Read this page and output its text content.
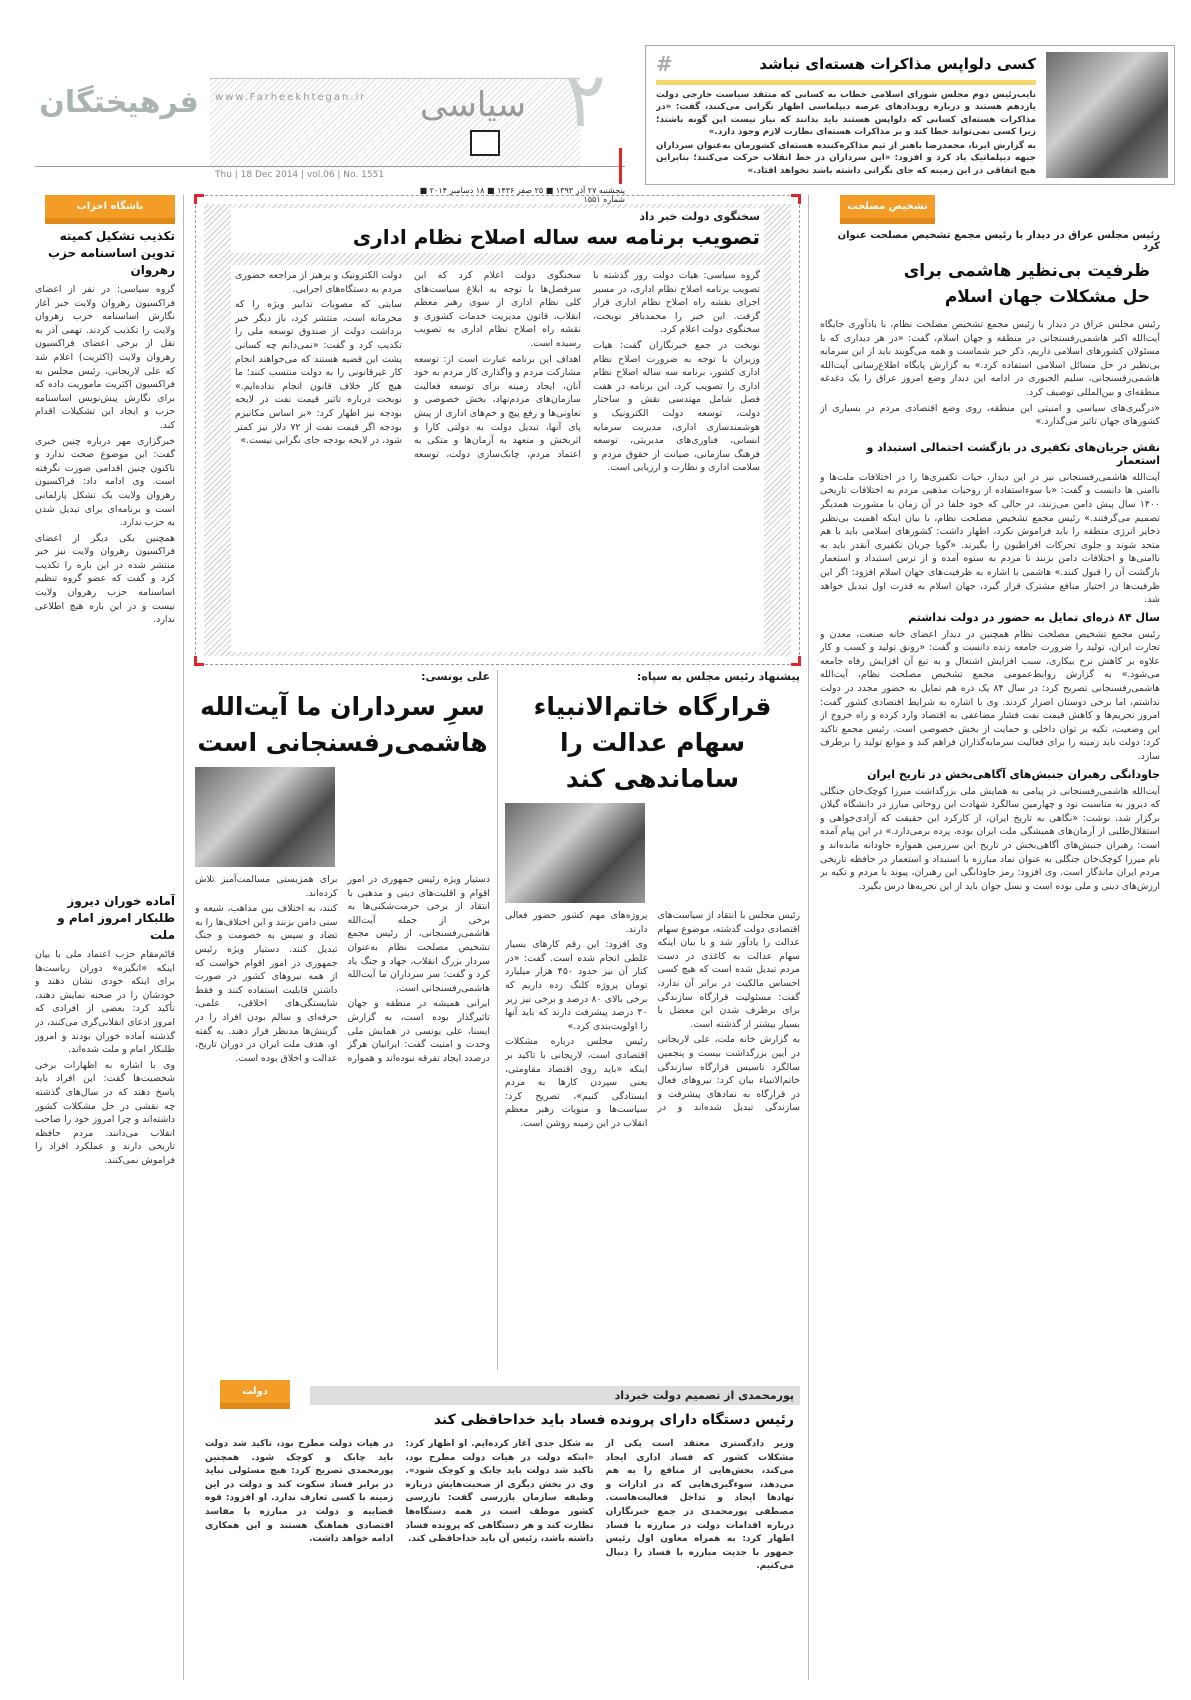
فرهیختگان	www.Farheekhtegan.ir سیاسی ۲
Thu | 18 Dec 2014 | vol.06 | No. 1551
پنجشنبه ۲۷ آذر ۱۳۹۳ ■ ۲۵ صفر ۱۴۳۶ ■ ۱۸ دسامبر ۲۰۱۴ ■ شماره ۱۵۵۱
#	کسی دلواپس مذاکرات هسته‌ای نباشد

نایب‌رئیس دوم مجلس شورای اسلامی خطاب به کسانی که منتقد سیاست خارجی دولت یازدهم هستند و درباره رویدادهای عرصه دیپلماسی اظهار نگرانی می‌کنند، گفت: «در مذاکرات هسته‌ای کسانی که دلواپس هستند باید بدانند که نیاز نیست این گونه باشند؛ زیرا کسی نمی‌تواند خطا کند و بر مذاکرات هسته‌ای نظارت لازم وجود دارد.»

به گزارش ایرنا، محمدرضا باهنر از تیم مذاکره‌کننده هسته‌ای کشورمان به‌عنوان سرداران جبهه دیپلماتیک یاد کرد و افزود: «این سرداران در خط انقلاب حرکت می‌کنند؛ بنابراین هیچ اتفاقی در این زمینه که جای نگرانی داشته باشد نخواهد افتاد.»

باشگاه احزاب
تکذیب تشکیل کمیته تدوین اساسنامه حزب رهروان

گروه سیاسی: در نفر از اعضای فراکسیون رهروان ولایت خبر آغاز نگارش اساسنامه حزب رهروان ولایت را تکذیب کردند. تهمی آذر به نقل از برخی اعضای فراکسیون رهروان ولایت (اکثریت) اعلام شد که علی لاریجانی، رئیس مجلس به فراکسیون اکثریت ماموریت داده که برای نگارش پیش‌نویس اساسنامه حزب و ایجاد این تشکیلات اقدام کند.

خبرگزاری مهر درباره چنین خبری گفت: این موضوع صحت ندارد و تاکنون چنین اقدامی صورت نگرفته است. وی ادامه داد: فراکسیون رهروان ولایت یک تشکل پارلمانی است و برنامه‌ای برای تبدیل شدن به حزب ندارد.

همچنین یکی دیگر از اعضای فراکسیون رهروان ولایت نیز خبر منتشر شده در این باره را تکذیب کرد و گفت که عضو گروه تنظیم اساسنامه حزب رهروان ولایت نیست و در این باره هیچ اطلاعی ندارد.

آماده خوران دیروز طلبکار امروز امام و ملت

قائم‌مقام حزب اعتماد ملی با بیان اینکه «انگیزه» دوران ریاست‌ها برای اینکه خودی نشان دهند و خودشان را در صحنه نمایش دهند، تأکید کرد: بعضی از افرادی که امروز ادعای انقلابی‌گری می‌کنند، در گذشته آماده خوران بودند و امروز طلبکار امام و ملت شده‌اند.

وی با اشاره به اظهارات برخی شخصیت‌ها گفت: این افراد باید پاسخ دهند که در سال‌های گذشته چه نقشی در حل مشکلات کشور داشته‌اند و چرا امروز خود را صاحب انقلاب می‌دانند. مردم حافظه تاریخی دارند و عملکرد افراد را فراموش نمی‌کنند.

سخنگوی دولت خبر داد
تصویب برنامه سه ساله اصلاح نظام اداری

گروه سیاسی: هیات دولت روز گذشته با تصویب برنامه اصلاح نظام اداری، در مسیر اجرای نقشه راه اصلاح نظام اداری قرار گرفت. این خبر را محمدباقر نوبخت، سخنگوی دولت اعلام کرد.

نوبخت در جمع خبرنگاران گفت: هیات وزیران با توجه به ضرورت اصلاح نظام اداری کشور، برنامه سه ساله اصلاح نظام اداری را تصویب کرد. این برنامه در هفت فصل شامل مهندسی نقش و ساختار دولت، توسعه دولت الکترونیک و هوشمندسازی اداری، مدیریت سرمایه انسانی، فناوری‌های مدیریتی، توسعه فرهنگ سازمانی، صیانت از حقوق مردم و سلامت اداری و نظارت و ارزیابی است.

سخنگوی دولت اعلام کرد که این سرفصل‌ها با توجه به ابلاغ سیاست‌های کلی نظام اداری از سوی رهبر معظم انقلاب، قانون مدیریت خدمات کشوری و نقشه راه اصلاح نظام اداری به تصویب رسیده است.

اهداف این برنامه عبارت است از: توسعه مشارکت مردم و واگذاری کار مردم به خود آنان، ایجاد زمینه برای توسعه فعالیت سازمان‌های مردم‌نهاد، بخش خصوصی و تعاونی‌ها و رفع پیچ و خم‌های اداری از پیش پای آنها، تبدیل دولت به دولتی کارا و اثربخش و متعهد به آرمان‌ها و متکی به اعتماد مردم، چابک‌سازی دولت، توسعه دولت الکترونیک و پرهیز از مراجعه حضوری مردم به دستگاه‌های اجرایی.

سایتی که مصوبات تدابیر ویژه را که محرمانه است، منتشر کرد، باز دیگر خبر برداشت دولت از صندوق توسعه ملی را تکذیب کرد و گفت: «نمی‌دانم چه کسانی پشت این قضیه هستند که می‌خواهند انجام کار غیرقانونی را به دولت منتسب کنند؛ ما هیچ کار خلاف قانون انجام نداده‌ایم.» نوبخت درباره تاثیر قیمت نفت در لایحه بودجه نیز اظهار کرد: «بر اساس مکانیزم بودجه اگر قیمت نفت از ۷۲ دلار نیز کمتر شود، در لایحه بودجه جای نگرانی نیست.»

پیشنهاد رئیس مجلس به سپاه:
قرارگاه خاتم‌الانبیاء سهام عدالت را ساماندهی کند

رئیس مجلس با انتقاد از سیاست‌های اقتصادی دولت گذشته، موضوع سهام عدالت را یادآور شد و با بیان اینکه سهام عدالت به کاغذی در دست مردم تبدیل شده است که هیچ کسی احساس مالکیت در برابر آن ندارد، گفت: مسئولیت قرارگاه سازندگی برای برطرف شدن این معضل با بسیار بیشتر از گذشته است.

به گزارش خانه ملت، علی لاریجانی در آیین بزرگداشت بیست و پنجمین سالگرد تاسیس قرارگاه سازندگی خاتم‌الانبیاء بیان کرد: نیروهای فعال در قرارگاه به نمادهای پیشرفت و سازندگی تبدیل شده‌اند و در پروژه‌های مهم کشور حضور فعالی دارند.

وی افزود: این رقم کارهای بسیار غلطی انجام شده است. گفت: «در کنار آن نیز حدود ۴۵۰ هزار میلیارد تومان پروژه کلنگ زده داریم که برخی بالای ۸۰ درصد و برخی نیز زیر ۴۰ درصد پیشرفت دارند که باید آنها را اولویت‌بندی کرد.»

رئیس مجلس درباره مشکلات اقتصادی است، لاریجانی با تاکید بر اینکه «باید روی اقتصاد مقاومتی، یعنی سپردن کارها به مردم ایستادگی کنیم»، تصریح کرد: سیاست‌ها و منویات رهبر معظم انقلاب در این زمینه روشن است.

علی یونسی:
سرِ سرداران ما آیت‌الله هاشمی‌رفسنجانی است

دستیار ویژه رئیس جمهوری در امور اقوام و اقلیت‌های دینی و مذهبی با انتقاد از برخی حرمت‌شکنی‌ها به برخی از جمله آیت‌الله هاشمی‌رفسنجانی، از رئیس مجمع تشخیص مصلحت نظام به‌عنوان سردار بزرگ انقلاب، جهاد و جنگ یاد کرد و گفت: سر سرداران ما آیت‌الله هاشمی‌رفسنجانی است.

ایرانی همیشه در منطقه و جهان تاثیرگذار بوده است، به گزارش ایسنا، علی یونسی در همایش ملی وحدت و امنیت گفت: ایرانیان هرگز درصدد ایجاد تفرقه نبوده‌اند و همواره برای همزیستی مسالمت‌آمیز تلاش کرده‌اند.

کنند، به اختلاف بین مذاهب، شیعه و سنی دامن بزنند و این اختلاف‌ها را به تضاد و سپس به خصومت و جنگ تبدیل کنند. دستیار ویژه رئیس جمهوری در امور اقوام خواست که از همه نیروهای کشور در صورت داشتن قابلیت استفاده کنند و فقط شایستگی‌های اخلاقی، علمی، حرفه‌ای و سالم بودن افراد را در گزینش‌ها مدنظر قرار دهند. به گفته او، هدف ملت ایران در دوران تاریخ، عدالت و اخلاق بوده است.

دولت	پورمحمدی از تصمیم دولت خبرداد
رئیس دستگاه دارای پرونده فساد باید خداحافظی کند

وزیر دادگستری معتقد است یکی از مشکلات کشور که فساد اداری ایجاد می‌کند، بخش‌هایی از منافع را به هم می‌دهد، سوء‌گیری‌هایی که در ادارات و نهادها ایجاد و تداخل فعالیت‌هاست. مصطفی پورمحمدی در جمع خبرنگاران درباره اقدامات دولت در مبارزه با فساد اظهار کرد: به همراه معاون اول رئیس جمهور با جدیت مبارزه با فساد را دنبال می‌کنیم.

به شکل جدی آغاز کرده‌ایم. او اظهار کرد: «اینکه دولت در هیات دولت مطرح بود، تاکید شد دولت باید چابک و کوچک شود». وی در بخش دیگری از صحبت‌هایش درباره وظیفه سازمان بازرسی گفت: بازرسی کشور موظف است در همه دستگاه‌ها نظارت کند و هر دستگاهی که پرونده فساد داشته باشد، رئیس آن باید خداحافظی کند.

در هیات دولت مطرح بود، تاکید شد دولت باید چابک و کوچک شود. همچنین پورمحمدی تصریح کرد: هیچ مسئولی نباید در برابر فساد سکوت کند و دولت در این زمینه با کسی تعارف ندارد. او افزود: قوه قضاییه و دولت در مبارزه با مفاسد اقتصادی هماهنگ هستند و این همکاری ادامه خواهد داشت.

تشخیص مصلحت
رئیس مجلس عراق در دیدار با رئیس مجمع تشخیص مصلحت عنوان کرد
ظرفیت بی‌نظیر هاشمی برای حل مشکلات جهان اسلام

رئیس مجلس عراق در دیدار با رئیس مجمع تشخیص مصلحت نظام، با یادآوری جایگاه آیت‌الله اکبر هاشمی‌رفسنجانی در منطقه و جهان اسلام، گفت: «در هر دیداری که با مسئولان کشورهای اسلامی داریم، ذکر خیر شماست و همه می‌گویند باید از این سرمایه بی‌نظیر در حل مسائل اسلامی استفاده کرد.» به گزارش پایگاه اطلاع‌رسانی آیت‌الله هاشمی‌رفسنجانی، سلیم الجبوری در ادامه این دیدار وضع امروز عراق را یک دغدغه منطقه‌ای و بین‌المللی توصیف کرد.

«درگیری‌های سیاسی و امنیتی این منطقه، روی وضع اقتصادی مردم در بسیاری از کشورهای جهان تاثیر می‌گذارد.»

نقش جریان‌های تکفیری در بازگشت احتمالی استبداد و استعمار
آیت‌الله هاشمی‌رفسنجانی نیز در این دیدار، حیات تکفیری‌ها را در اختلافات ملت‌ها و ناامنی ها دانست و گفت: «با سوءاستفاده از روحیات مذهبی مردم به اختلافات تاریخی ۱۴۰۰ سال پیش دامن می‌زنند، در حالی که خود خلفا در آن زمان با مشورت همدیگر تصمیم می‌گرفتند.» رئیس مجمع تشخیص مصلحت نظام، با بیان اینکه اهمیت بی‌نظیر ذخایر انرژی منطقه را باید فراموش نکرد، اظهار داشت: کشورهای اسلامی باید با هم متحد شوند و جلوی تحرکات افراطیون را بگیرند. «گویا جریان تکفیری آنقدر باید به ناامنی‌ها و اختلافات دامن بزنند تا مردم به ستوه آمده و از ترس استبداد و استعمار بازگشت آن را قبول کنند.» هاشمی با اشاره به ظرفیت‌های جهان اسلام افزود: اگر این ظرفیت‌ها در اختیار منافع مشترک قرار گیرد، جهان اسلام به قدرت اول تبدیل خواهد شد.
سال ۸۴ ذره‌ای تمایل به حضور در دولت نداشتم
رئیس مجمع تشخیص مصلحت نظام همچنین در دیدار اعضای خانه صنعت، معدن و تجارت ایران، تولید را ضرورت جامعه زنده دانست و گفت: «رونق تولید و کسب و کار علاوه بر کاهش نرخ بیکاری، سبب افزایش اشتغال و به تبع آن افزایش رفاه جامعه می‌شود.» به گزارش روابط‌عمومی مجمع تشخیص مصلحت نظام، آیت‌الله هاشمی‌رفسنجانی تصریح کرد: در سال ۸۴ یک ذره هم تمایل به حضور مجدد در دولت نداشتم، اما برخی دوستان اصرار کردند. وی با اشاره به شرایط اقتصادی کشور گفت: امروز تحریم‌ها و کاهش قیمت نفت فشار مضاعفی به اقتصاد وارد کرده و راه خروج از این وضعیت، تکیه بر توان داخلی و حمایت از بخش خصوصی است. رئیس مجمع تاکید کرد: دولت باید زمینه را برای فعالیت سرمایه‌گذاران فراهم کند و موانع تولید را برطرف سازد.
جاودانگی رهبران جنبش‌های آگاهی‌بخش در تاریخ ایران
آیت‌الله هاشمی‌رفسنجانی در پیامی به همایش ملی بزرگداشت میرزا کوچک‌خان جنگلی که دیروز به مناسبت نود و چهارمین سالگرد شهادت این روحانی مبارز در دانشگاه گیلان برگزار شد، نوشت: «نگاهی به تاریخ ایران، از کارکرد این حقیقت که آزادی‌خواهی و استقلال‌طلبی از آرمان‌های همیشگی ملت ایران بوده، پرده برمی‌دارد.» در این پیام آمده است: رهبران جنبش‌های آگاهی‌بخش در تاریخ این سرزمین همواره جاودانه مانده‌اند و نام میرزا کوچک‌خان جنگلی به عنوان نماد مبارزه با استبداد و استعمار در حافظه تاریخی مردم ایران ماندگار است. وی افزود: رمز جاودانگی این رهبران، پیوند با مردم و تکیه بر ارزش‌های دینی و ملی بوده است و نسل جوان باید از این تجربه‌ها درس بگیرد.
